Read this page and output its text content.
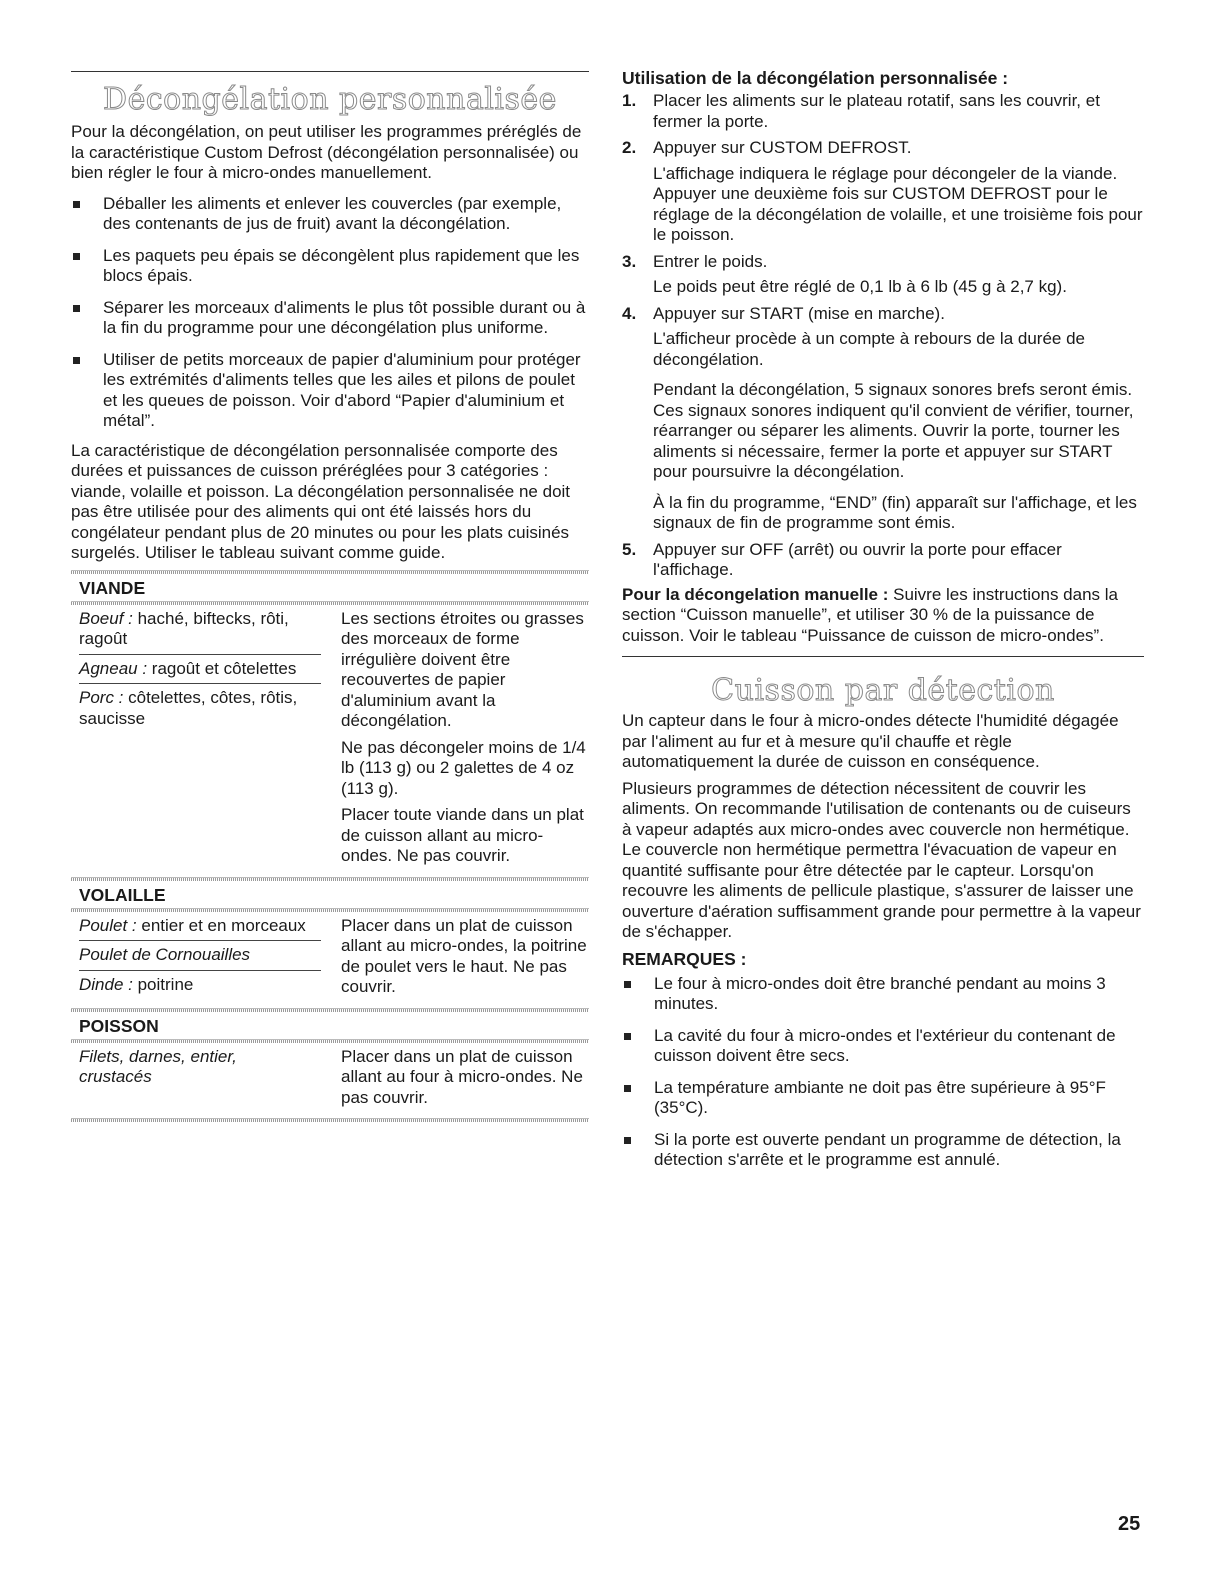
Décongélation personnalisée

Pour la décongélation, on peut utiliser les programmes préréglés de la caractéristique Custom Defrost (décongélation personnalisée) ou bien régler le four à micro-ondes manuellement.

Déballer les aliments et enlever les couvercles (par exemple, des contenants de jus de fruit) avant la décongélation.
Les paquets peu épais se décongèlent plus rapidement que les blocs épais.
Séparer les morceaux d'aliments le plus tôt possible durant ou à la fin du programme pour une décongélation plus uniforme.
Utiliser de petits morceaux de papier d'aluminium pour protéger les extrémités d'aliments telles que les ailes et pilons de poulet et les queues de poisson. Voir d'abord “Papier d'aluminium et métal”.

La caractéristique de décongélation personnalisée comporte des durées et puissances de cuisson préréglées pour 3 catégories : viande, volaille et poisson. La décongélation personnalisée ne doit pas être utilisée pour des aliments qui ont été laissés hors du congélateur pendant plus de 20 minutes ou pour les plats cuisinés surgelés. Utiliser le tableau suivant comme guide.

VIANDE

Boeuf : haché, biftecks, rôti, ragoût

Agneau : ragoût et côtelettes

Porc : côtelettes, côtes, rôtis, saucisse

Les sections étroites ou grasses des morceaux de forme irrégulière doivent être recouvertes de papier d'aluminium avant la décongélation.

Ne pas décongeler moins de 1/4 lb (113 g) ou 2 galettes de 4 oz (113 g).

Placer toute viande dans un plat de cuisson allant au micro-ondes. Ne pas couvrir.

VOLAILLE

Poulet : entier et en morceaux

Poulet de Cornouailles

Dinde : poitrine

Placer dans un plat de cuisson allant au micro-ondes, la poitrine de poulet vers le haut. Ne pas couvrir.

POISSON

Filets, darnes, entier, crustacés

Placer dans un plat de cuisson allant au four à micro-ondes. Ne pas couvrir.

Utilisation de la décongélation personnalisée :
1. Placer les aliments sur le plateau rotatif, sans les couvrir, et fermer la porte.

2. Appuyer sur CUSTOM DEFROST.

L'affichage indiquera le réglage pour décongeler de la viande. Appuyer une deuxième fois sur CUSTOM DEFROST pour le réglage de la décongélation de volaille, et une troisième fois pour le poisson.

3. Entrer le poids.

Le poids peut être réglé de 0,1 lb à 6 lb (45 g à 2,7 kg).

4. Appuyer sur START (mise en marche).

L'afficheur procède à un compte à rebours de la durée de décongélation.

Pendant la décongélation, 5 signaux sonores brefs seront émis. Ces signaux sonores indiquent qu'il convient de vérifier, tourner, réarranger ou séparer les aliments. Ouvrir la porte, tourner les aliments si nécessaire, fermer la porte et appuyer sur START pour poursuivre la décongélation.

À la fin du programme, “END” (fin) apparaît sur l'affichage, et les signaux de fin de programme sont émis.

5. Appuyer sur OFF (arrêt) ou ouvrir la porte pour effacer l'affichage.

Pour la décongelation manuelle : Suivre les instructions dans la section “Cuisson manuelle”, et utiliser 30 % de la puissance de cuisson. Voir le tableau “Puissance de cuisson de micro-ondes”.

Cuisson par détection

Un capteur dans le four à micro-ondes détecte l'humidité dégagée par l'aliment au fur et à mesure qu'il chauffe et règle automatiquement la durée de cuisson en conséquence.

Plusieurs programmes de détection nécessitent de couvrir les aliments. On recommande l'utilisation de contenants ou de cuiseurs à vapeur adaptés aux micro-ondes avec couvercle non hermétique. Le couvercle non hermétique permettra l'évacuation de vapeur en quantité suffisante pour être détectée par le capteur. Lorsqu'on recouvre les aliments de pellicule plastique, s'assurer de laisser une ouverture d'aération suffisamment grande pour permettre à la vapeur de s'échapper.

REMARQUES :
Le four à micro-ondes doit être branché pendant au moins 3 minutes.
La cavité du four à micro-ondes et l'extérieur du contenant de cuisson doivent être secs.
La température ambiante ne doit pas être supérieure à 95°F (35°C).
Si la porte est ouverte pendant un programme de détection, la détection s'arrête et le programme est annulé.
25
